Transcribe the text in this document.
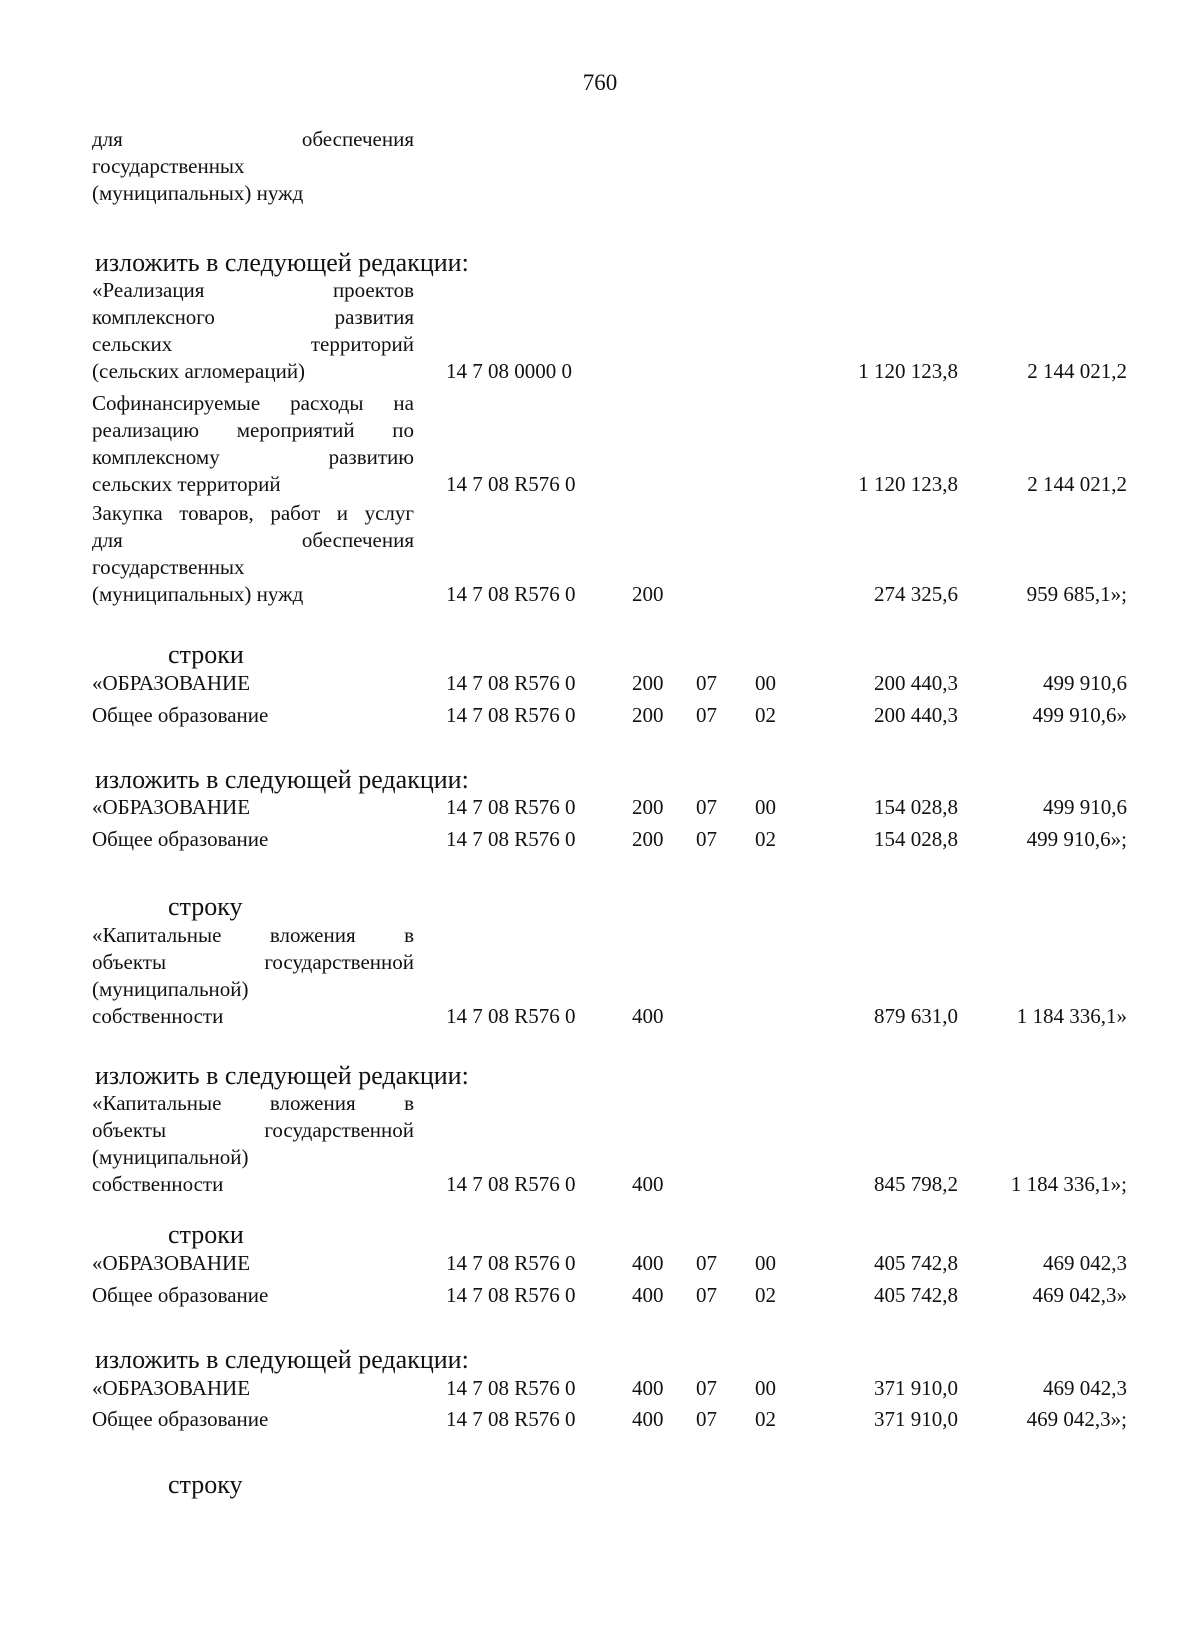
760
для обеспечения
государственных
(муниципальных) нужд
изложить в следующей редакции:
«Реализация проектов
комплексного развития
сельских территорий
(сельских агломераций)	14 7 08 0000 0	1 120 123,8	2 144 021,2
Софинансируемые расходы на
реализацию мероприятий по
комплексному развитию
сельских территорий	14 7 08 R576 0	1 120 123,8	2 144 021,2
Закупка товаров, работ и услуг
для обеспечения
государственных
(муниципальных) нужд	14 7 08 R576 0	200	274 325,6	959 685,1»;
строки
«ОБРАЗОВАНИЕ	14 7 08 R576 0	200 07 00	200 440,3	499 910,6
Общее образование	14 7 08 R576 0	200 07 02	200 440,3	499 910,6»
изложить в следующей редакции:
«ОБРАЗОВАНИЕ	14 7 08 R576 0	200 07 00	154 028,8	499 910,6
Общее образование	14 7 08 R576 0	200 07 02	154 028,8	499 910,6»;
строку
«Капитальные вложения в
объекты государственной
(муниципальной)
собственности	14 7 08 R576 0	400	879 631,0	1 184 336,1»
изложить в следующей редакции:
«Капитальные вложения в
объекты государственной
(муниципальной)
собственности	14 7 08 R576 0	400	845 798,2	1 184 336,1»;
строки
«ОБРАЗОВАНИЕ	14 7 08 R576 0	400 07 00	405 742,8	469 042,3
Общее образование	14 7 08 R576 0	400 07 02	405 742,8	469 042,3»
изложить в следующей редакции:
«ОБРАЗОВАНИЕ	14 7 08 R576 0	400 07 00	371 910,0	469 042,3
Общее образование	14 7 08 R576 0	400 07 02	371 910,0	469 042,3»;
строку
